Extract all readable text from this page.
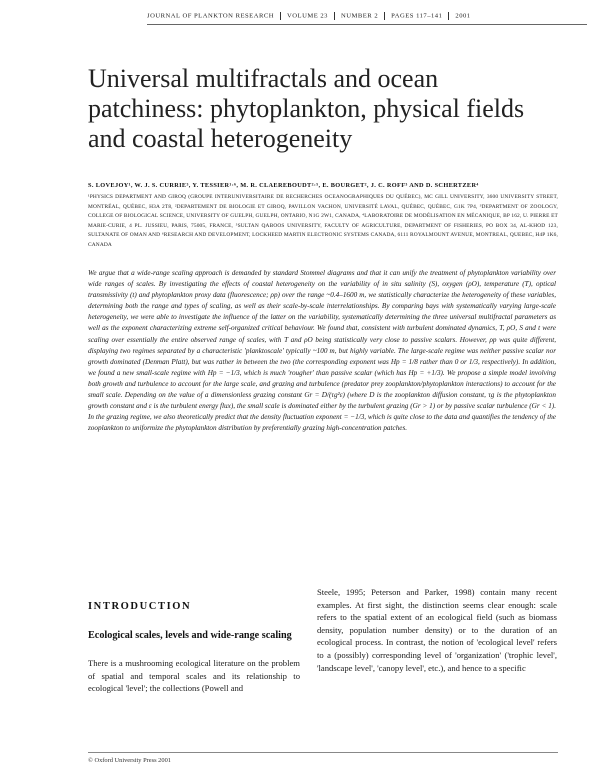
JOURNAL OF PLANKTON RESEARCH VOLUME 23 NUMBER 2 PAGES 117–141 2001
Universal multifractals and ocean patchiness: phytoplankton, physical fields and coastal heterogeneity
S. LOVEJOY¹, W. J. S. CURRIE³, Y. TESSIER¹·⁶, M. R. CLAEREBOUDT²·⁵, E. BOURGET², J. C. ROFF³ AND D. SCHERTZER⁴
¹PHYSICS DEPARTMENT AND GIROQ (GROUPE INTERUNIVERSITAIRE DE RECHERCHES OCEANOGRAPHIQUES DU QUÉBEC), MC GILL UNIVERSITY, 3600 UNIVERSITY STREET, MONTRÉAL, QUÉBEC, H3A 2T8, ²DEPARTEMENT DE BIOLOGIE ET GIROQ, PAVILLON VACHON, UNIVERSITÉ LAVAL, QUÉBEC, QUÉBEC, G1K 7P4, ³DEPARTMENT OF ZOOLOGY, COLLEGE OF BIOLOGICAL SCIENCE, UNIVERSITY OF GUELPH, GUELPH, ONTARIO, N1G 2W1, CANADA, ⁴LABORATOIRE DE MODÉLISATION EN MÉCANIQUE, BP 162, U. PIERRE ET MARIE-CURIE, 4 PL. JUSSIEU, PARIS, 75005, FRANCE, ⁵SULTAN QABOOS UNIVERSITY, FACULTY OF AGRICULTURE, DEPARTMENT OF FISHERIES, PO BOX 34, AL-KHOD 123, SULTANATE OF OMAN AND ⁶RESEARCH AND DEVELOPMENT, LOCKHEED MARTIN ELECTRONIC SYSTEMS CANADA, 6111 ROYALMOUNT AVENUE, MONTREAL, QUEBEC, H4P 1K6, CANADA

We argue that a wide-range scaling approach is demanded by standard Stommel diagrams and that it can unify the treatment of phytoplankton variability over wide ranges of scales. By investigating the effects of coastal heterogeneity on the variability of in situ salinity (S), oxygen (ρO), temperature (T), optical transmissivity (t) and phytoplankton proxy data (fluorescence; ρp) over the range ~0.4–1600 m, we statistically characterize the heterogeneity of these variables, determining both the range and types of scaling, as well as their scale-by-scale interrelationships. By comparing bays with systematically varying large-scale heterogeneity, we were able to investigate the influence of the latter on the variability, systematically determining the three universal multifractal parameters as well as the exponent characterizing extreme self-organized critical behaviour. We found that, consistent with turbulent dominated dynamics, T, ρO, S and t were scaling over essentially the entire observed range of scales, with T and ρO being statistically very close to passive scalars. However, ρp was quite different, displaying two regimes separated by a characteristic 'planktoscale' typically ~100 m, but highly variable. The large-scale regime was neither passive scalar nor growth dominated (Denman Platt), but was rather in between the two (the corresponding exponent was Hp = 1/8 rather than 0 or 1/3, respectively). In addition, we found a new small-scale regime with Hp = −1/3, which is much 'rougher' than passive scalar (which has Hp = +1/3). We propose a simple model involving both growth and turbulence to account for the large scale, and grazing and turbulence (predator prey zooplankton/phytoplankton interactions) to account for the small scale. Depending on the value of a dimensionless grazing constant Gr = D/(τg²ε) (where D is the zooplankton diffusion constant, τg is the phytoplankton growth constant and ε is the turbulent energy flux), the small scale is dominated either by the turbulent grazing (Gr > 1) or by passive scalar turbulence (Gr < 1). In the grazing regime, we also theoretically predict that the density fluctuation exponent = −1/3, which is quite close to the data and quantifies the tendency of the zooplankton to uniformize the phytoplankton distribution by preferentially grazing high-concentration patches.

INTRODUCTION
Ecological scales, levels and wide-range scaling

There is a mushrooming ecological literature on the problem of spatial and temporal scales and its relationship to ecological 'level'; the collections (Powell and

Steele, 1995; Peterson and Parker, 1998) contain many recent examples. At first sight, the distinction seems clear enough: scale refers to the spatial extent of an ecological field (such as biomass density, population number density) or to the duration of an ecological process. In contrast, the notion of 'ecological level' refers to a (possibly) corresponding level of 'organization' ('trophic level', 'landscape level', 'canopy level', etc.), and hence to a specific

© Oxford University Press 2001
